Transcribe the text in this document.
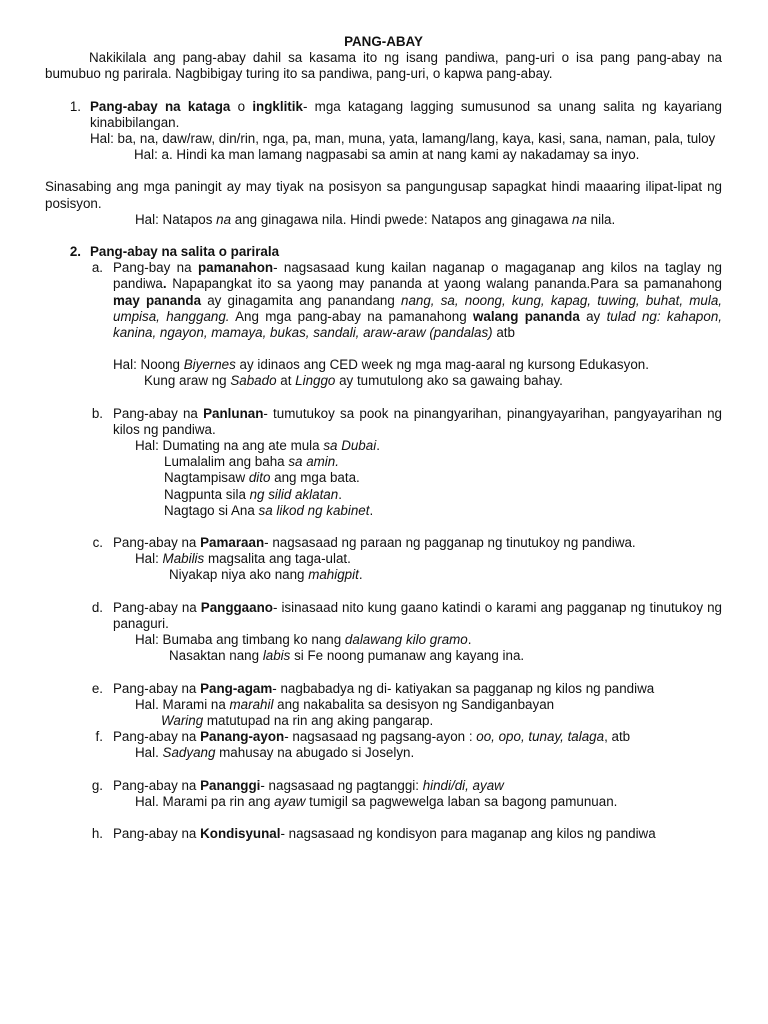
PANG-ABAY

Nakikilala ang pang-abay dahil sa kasama ito ng isang pandiwa, pang-uri o isa pang pang-abay na bumubuo ng parirala. Nagbibigay turing ito sa pandiwa, pang-uri, o kapwa pang-abay.

1. Pang-abay na kataga o ingklitik- mga katagang lagging sumusunod sa unang salita ng kayariang kinabibilangan.

Hal: ba, na, daw/raw, din/rin, nga, pa, man, muna, yata, lamang/lang, kaya, kasi, sana, naman, pala, tuloy

Hal: a. Hindi ka man lamang nagpasabi sa amin at nang kami ay nakadamay sa inyo.

Sinasabing ang mga paningit ay may tiyak na posisyon sa pangungusap sapagkat hindi maaaring ilipat-lipat ng posisyon.

Hal: Natapos na ang ginagawa nila. Hindi pwede: Natapos ang ginagawa na nila.

2. Pang-abay na salita o parirala

a. Pang-bay na pamanahon- nagsasaad kung kailan naganap o magaganap ang kilos na taglay ng pandiwa. Napapangkat ito sa yaong may pananda at yaong walang pananda.Para sa pamanahong may pananda ay ginagamita ang panandang nang, sa, noong, kung, kapag, tuwing, buhat, mula, umpisa, hanggang. Ang mga pang-abay na pamanahong walang pananda ay tulad ng: kahapon, kanina, ngayon, mamaya, bukas, sandali, araw-araw (pandalas) atb

Hal: Noong Biyernes ay idinaos ang CED week ng mga mag-aaral ng kursong Edukasyon.

Kung araw ng Sabado at Linggo ay tumutulong ako sa gawaing bahay.

b. Pang-abay na Panlunan- tumutukoy sa pook na pinangyarihan, pinangyayarihan, pangyayarihan ng kilos ng pandiwa.

Hal: Dumating na ang ate mula sa Dubai.

Lumalalim ang baha sa amin.

Nagtampisaw dito ang mga bata.

Nagpunta sila ng silid aklatan.

Nagtago si Ana sa likod ng kabinet.

c. Pang-abay na Pamaraan- nagsasaad ng paraan ng pagganap ng tinutukoy ng pandiwa.

Hal: Mabilis magsalita ang taga-ulat.

Niyakap niya ako nang mahigpit.

d. Pang-abay na Panggaano- isinasaad nito kung gaano katindi o karami ang pagganap ng tinutukoy ng panaguri.

Hal: Bumaba ang timbang ko nang dalawang kilo gramo.

Nasaktan nang labis si Fe noong pumanaw ang kayang ina.

e. Pang-abay na Pang-agam- nagbabadya ng di- katiyakan sa pagganap ng kilos ng pandiwa

Hal. Marami na marahil ang nakabalita sa desisyon ng Sandiganbayan

Waring matutupad na rin ang aking pangarap.

f. Pang-abay na Panang-ayon- nagsasaad ng pagsang-ayon : oo, opo, tunay, talaga, atb

Hal. Sadyang mahusay na abugado si Joselyn.

g. Pang-abay na Pananggi- nagsasaad ng pagtanggi: hindi/di, ayaw

Hal. Marami pa rin ang ayaw tumigil sa pagwewelga laban sa bagong pamunuan.

h. Pang-abay na Kondisyunal- nagsasaad ng kondisyon para maganap ang kilos ng pandiwa
